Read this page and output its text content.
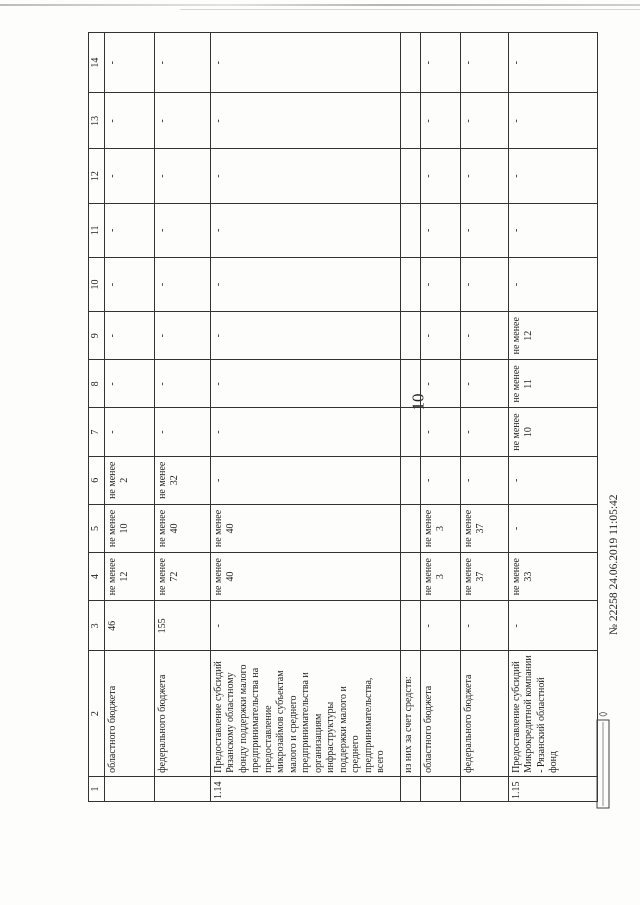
10
1	2	3	4	5	6	7	8	9	10	11	12	13	14
	областного бюджета	46	не менее 12	не менее 10	не менее 2	-	-	-	-	-	-	-	-
	федерального бюджета	155	не менее 72	не менее 40	не менее 32	-	-	-	-	-	-	-	-
1.14	Предоставление субсидий Рязанскому областному фонду поддержки малого предпринимательства на предоставление микрозаймов субъектам малого и среднего предпринимательства и организациям инфраструктуры поддержки малого и среднего предпринимательства, всего	-	не менее 40	не менее 40	-	-	-	-	-	-	-	-	-
	из них за счет средств:												
	областного бюджета	-	не менее 3	не менее 3	-	-	-	-	-	-	-	-	-
	федерального бюджета	-	не менее 37	не менее 37	-	-	-	-	-	-	-	-	-
1.15	Предоставление субсидий Микрокредитной компании - Рязанский областной фонд	-	не менее 33	-	-	не менее 10	не менее 11	не менее 12	-	-	-	-	-
№ 22258 24.06.2019 11:05:42
